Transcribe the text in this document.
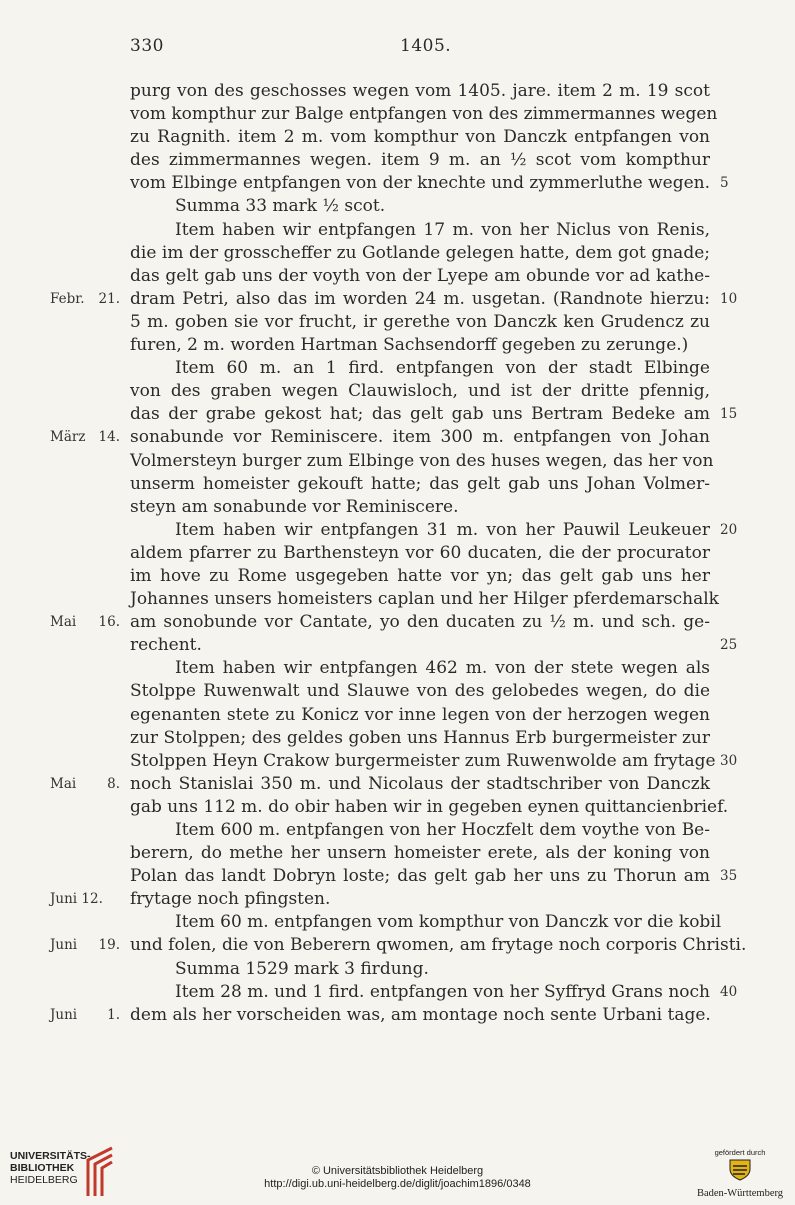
330	1405.
purg von des geschosses wegen vom 1405. jare. item 2 m. 19 scot
vom kompthur zur Balge entpfangen von des zimmermannes wegen
zu Ragnith. item 2 m. vom kompthur von Danczk entpfangen von
des zimmermannes wegen. item 9 m. an ½ scot vom kompthur
vom Elbinge entpfangen von der knechte und zymmerluthe wegen. 5
Summa 33 mark ½ scot.
Item haben wir entpfangen 17 m. von her Niclus von Renis,
die im der grosscheffer zu Gotlande gelegen hatte, dem got gnade;
das gelt gab uns der voyth von der Lyepe am obunde vor ad kathe-
dram Petri, also das im worden 24 m. usgetan. (Randnote hierzu:
Febr. 21.	10
5 m. goben sie vor frucht, ir gerethe von Danczk ken Grudencz zu
furen, 2 m. worden Hartman Sachsendorff gegeben zu zerunge.)
Item 60 m. an 1 fird. entpfangen von der stadt Elbinge
von des graben wegen Clauwisloch, und ist der dritte pfennig,
das der grabe gekost hat; das gelt gab uns Bertram Bedeke am 15
sonabunde vor Reminiscere. item 300 m. entpfangen von Johan
März 14.
Volmersteyn burger zum Elbinge von des huses wegen, das her von
unserm homeister gekouft hatte; das gelt gab uns Johan Volmer-
steyn am sonabunde vor Reminiscere.
Item haben wir entpfangen 31 m. von her Pauwil Leukeuer 20
aldem pfarrer zu Barthensteyn vor 60 ducaten, die der procurator
im hove zu Rome usgegeben hatte vor yn; das gelt gab uns her
Johannes unsers homeisters caplan und her Hilger pferdemarschalk
am sonobunde vor Cantate, yo den ducaten zu ½ m. und sch. ge-
Mai 16.
rechent.	25
Item haben wir entpfangen 462 m. von der stete wegen als
Stolppe Ruwenwalt und Slauwe von des gelobedes wegen, do die
egenanten stete zu Konicz vor inne legen von der herzogen wegen
zur Stolppen; des geldes goben uns Hannus Erb burgermeister zur
Stolppen Heyn Crakow burgermeister zum Ruwenwolde am frytage 30
noch Stanislai 350 m. und Nicolaus der stadtschriber von Danczk
Mai 8.
gab uns 112 m. do obir haben wir in gegeben eynen quittancienbrief.
Item 600 m. entpfangen von her Hoczfelt dem voythe von Be-
berern, do methe her unsern homeister erete, als der koning von
Polan das landt Dobryn loste; das gelt gab her uns zu Thorun am 35
frytage noch pfingsten.
Juni 12.
Item 60 m. entpfangen vom kompthur von Danczk vor die kobil
und folen, die von Beberern qwomen, am frytage noch corporis Christi.
Juni 19.
Summa 1529 mark 3 firdung.
Item 28 m. und 1 fird. entpfangen von her Syffryd Grans noch 40
dem als her vorscheiden was, am montage noch sente Urbani tage.
Juni 1.
UNIVERSITÄTS-
BIBLIOTHEK
HEIDELBERG
© Universitätsbibliothek Heidelberg
http://digi.ub.uni-heidelberg.de/diglit/joachim1896/0348
gefördert durch
Baden-Württemberg
